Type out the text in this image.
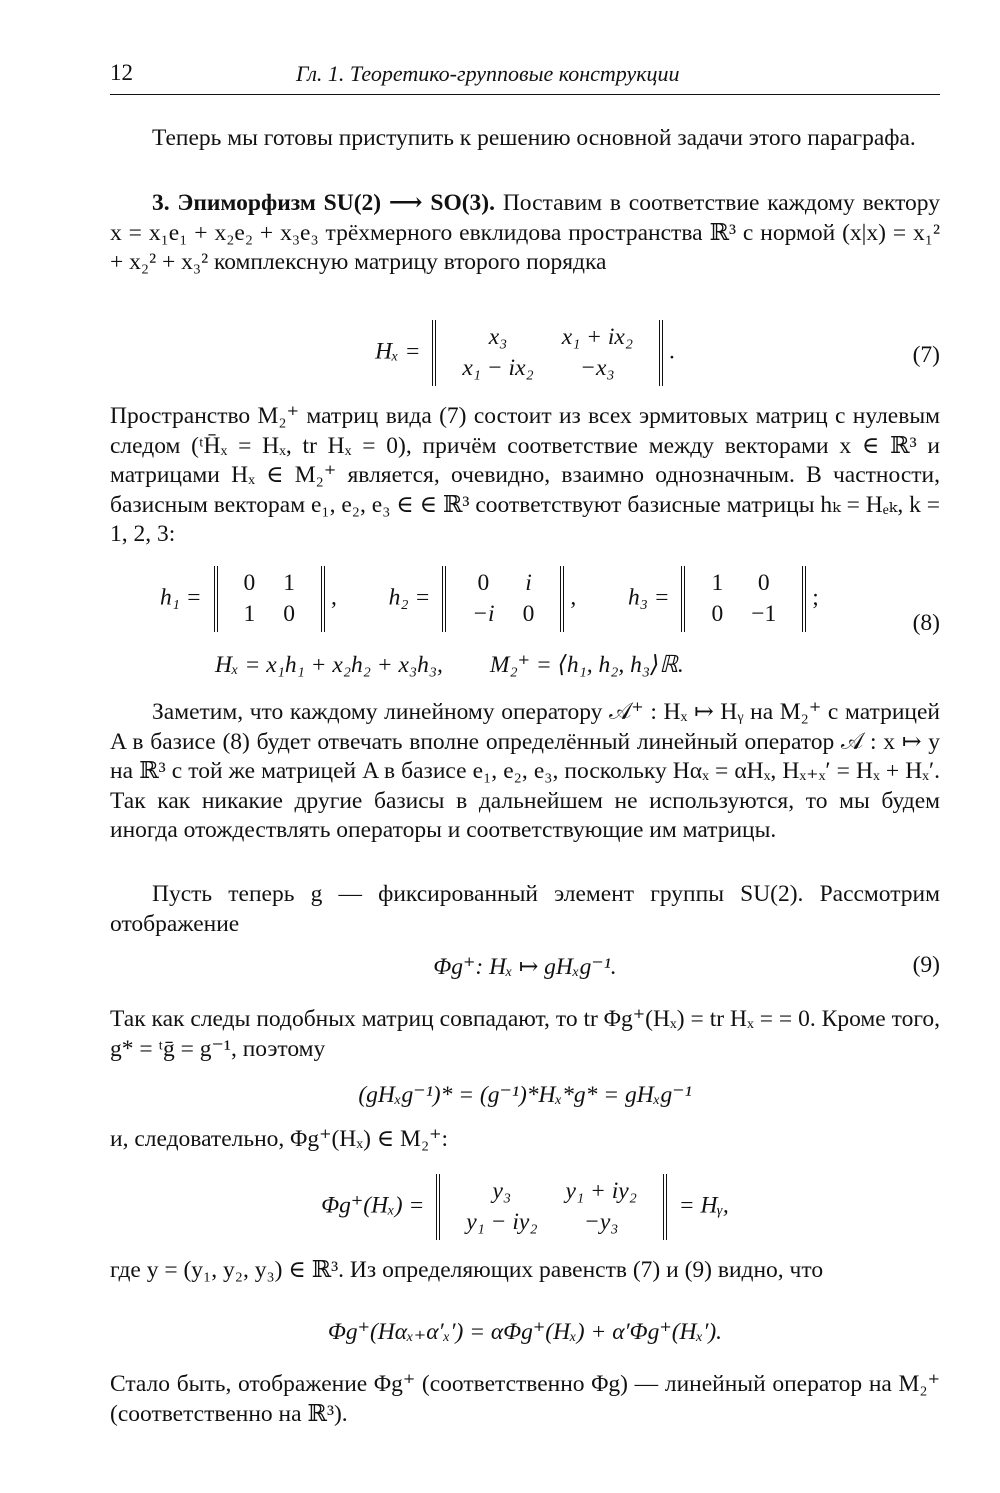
12	Гл. 1. Теоретико-групповые конструкции
Теперь мы готовы приступить к решению основной задачи этого параграфа.
3. Эпиморфизм SU(2) ⟶ SO(3). Поставим в соответствие каждому вектору x = x₁e₁ + x₂e₂ + x₃e₃ трёхмерного евклидова пространства ℝ³ с нормой (x|x) = x₁² + x₂² + x₃² комплексную матрицу второго порядка
Hₓ =
x₃	x₁ + ix₂
x₁ − ix₂	−x₃
.	(7)
Пространство M₂⁺ матриц вида (7) состоит из всех эрмитовых матриц с нулевым следом (ᵗH̄ₓ = Hₓ, tr Hₓ = 0), причём соответствие между векторами x ∈ ℝ³ и матрицами Hₓ ∈ M₂⁺ является, очевидно, взаимно однозначным. В частности, базисным векторам e₁, e₂, e₃ ∈ ∈ ℝ³ соответствуют базисные матрицы hₖ = Hₑₖ, k = 1, 2, 3:
h₁ =
0	1
1	0
, h₂ =
0	i
−i	0
, h₃ =
1	0
0	−1
;
Hₓ = x₁h₁ + x₂h₂ + x₃h₃,        M₂⁺ = ⟨h₁, h₂, h₃⟩ℝ.
(8)
Заметим, что каждому линейному оператору 𝒜⁺ : Hₓ ↦ Hᵧ на M₂⁺ с матрицей A в базисе (8) будет отвечать вполне определённый линейный оператор 𝒜 : x ↦ y на ℝ³ с той же матрицей A в базисе e₁, e₂, e₃, поскольку Hαₓ = αHₓ, Hₓ₊ₓ′ = Hₓ + Hₓ′. Так как никакие другие базисы в дальнейшем не используются, то мы будем иногда отождествлять операторы и соответствующие им матрицы.
Пусть теперь g — фиксированный элемент группы SU(2). Рассмотрим отображение
Φg⁺: Hₓ ↦ gHₓg⁻¹.	(9)
Так как следы подобных матриц совпадают, то tr Φg⁺(Hₓ) = tr Hₓ = = 0. Кроме того, g* = ᵗḡ = g⁻¹, поэтому
(gHₓg⁻¹)* = (g⁻¹)*Hₓ*g* = gHₓg⁻¹
и, следовательно, Φg⁺(Hₓ) ∈ M₂⁺:
Φg⁺(Hₓ) =
y₃	y₁ + iy₂
y₁ − iy₂	−y₃
= Hᵧ,
где y = (y₁, y₂, y₃) ∈ ℝ³. Из определяющих равенств (7) и (9) видно, что
Φg⁺(Hαₓ₊α′ₓ′) = αΦg⁺(Hₓ) + α′Φg⁺(Hₓ′).
Стало быть, отображение Φg⁺ (соответственно Φg) — линейный оператор на M₂⁺ (соответственно на ℝ³).
